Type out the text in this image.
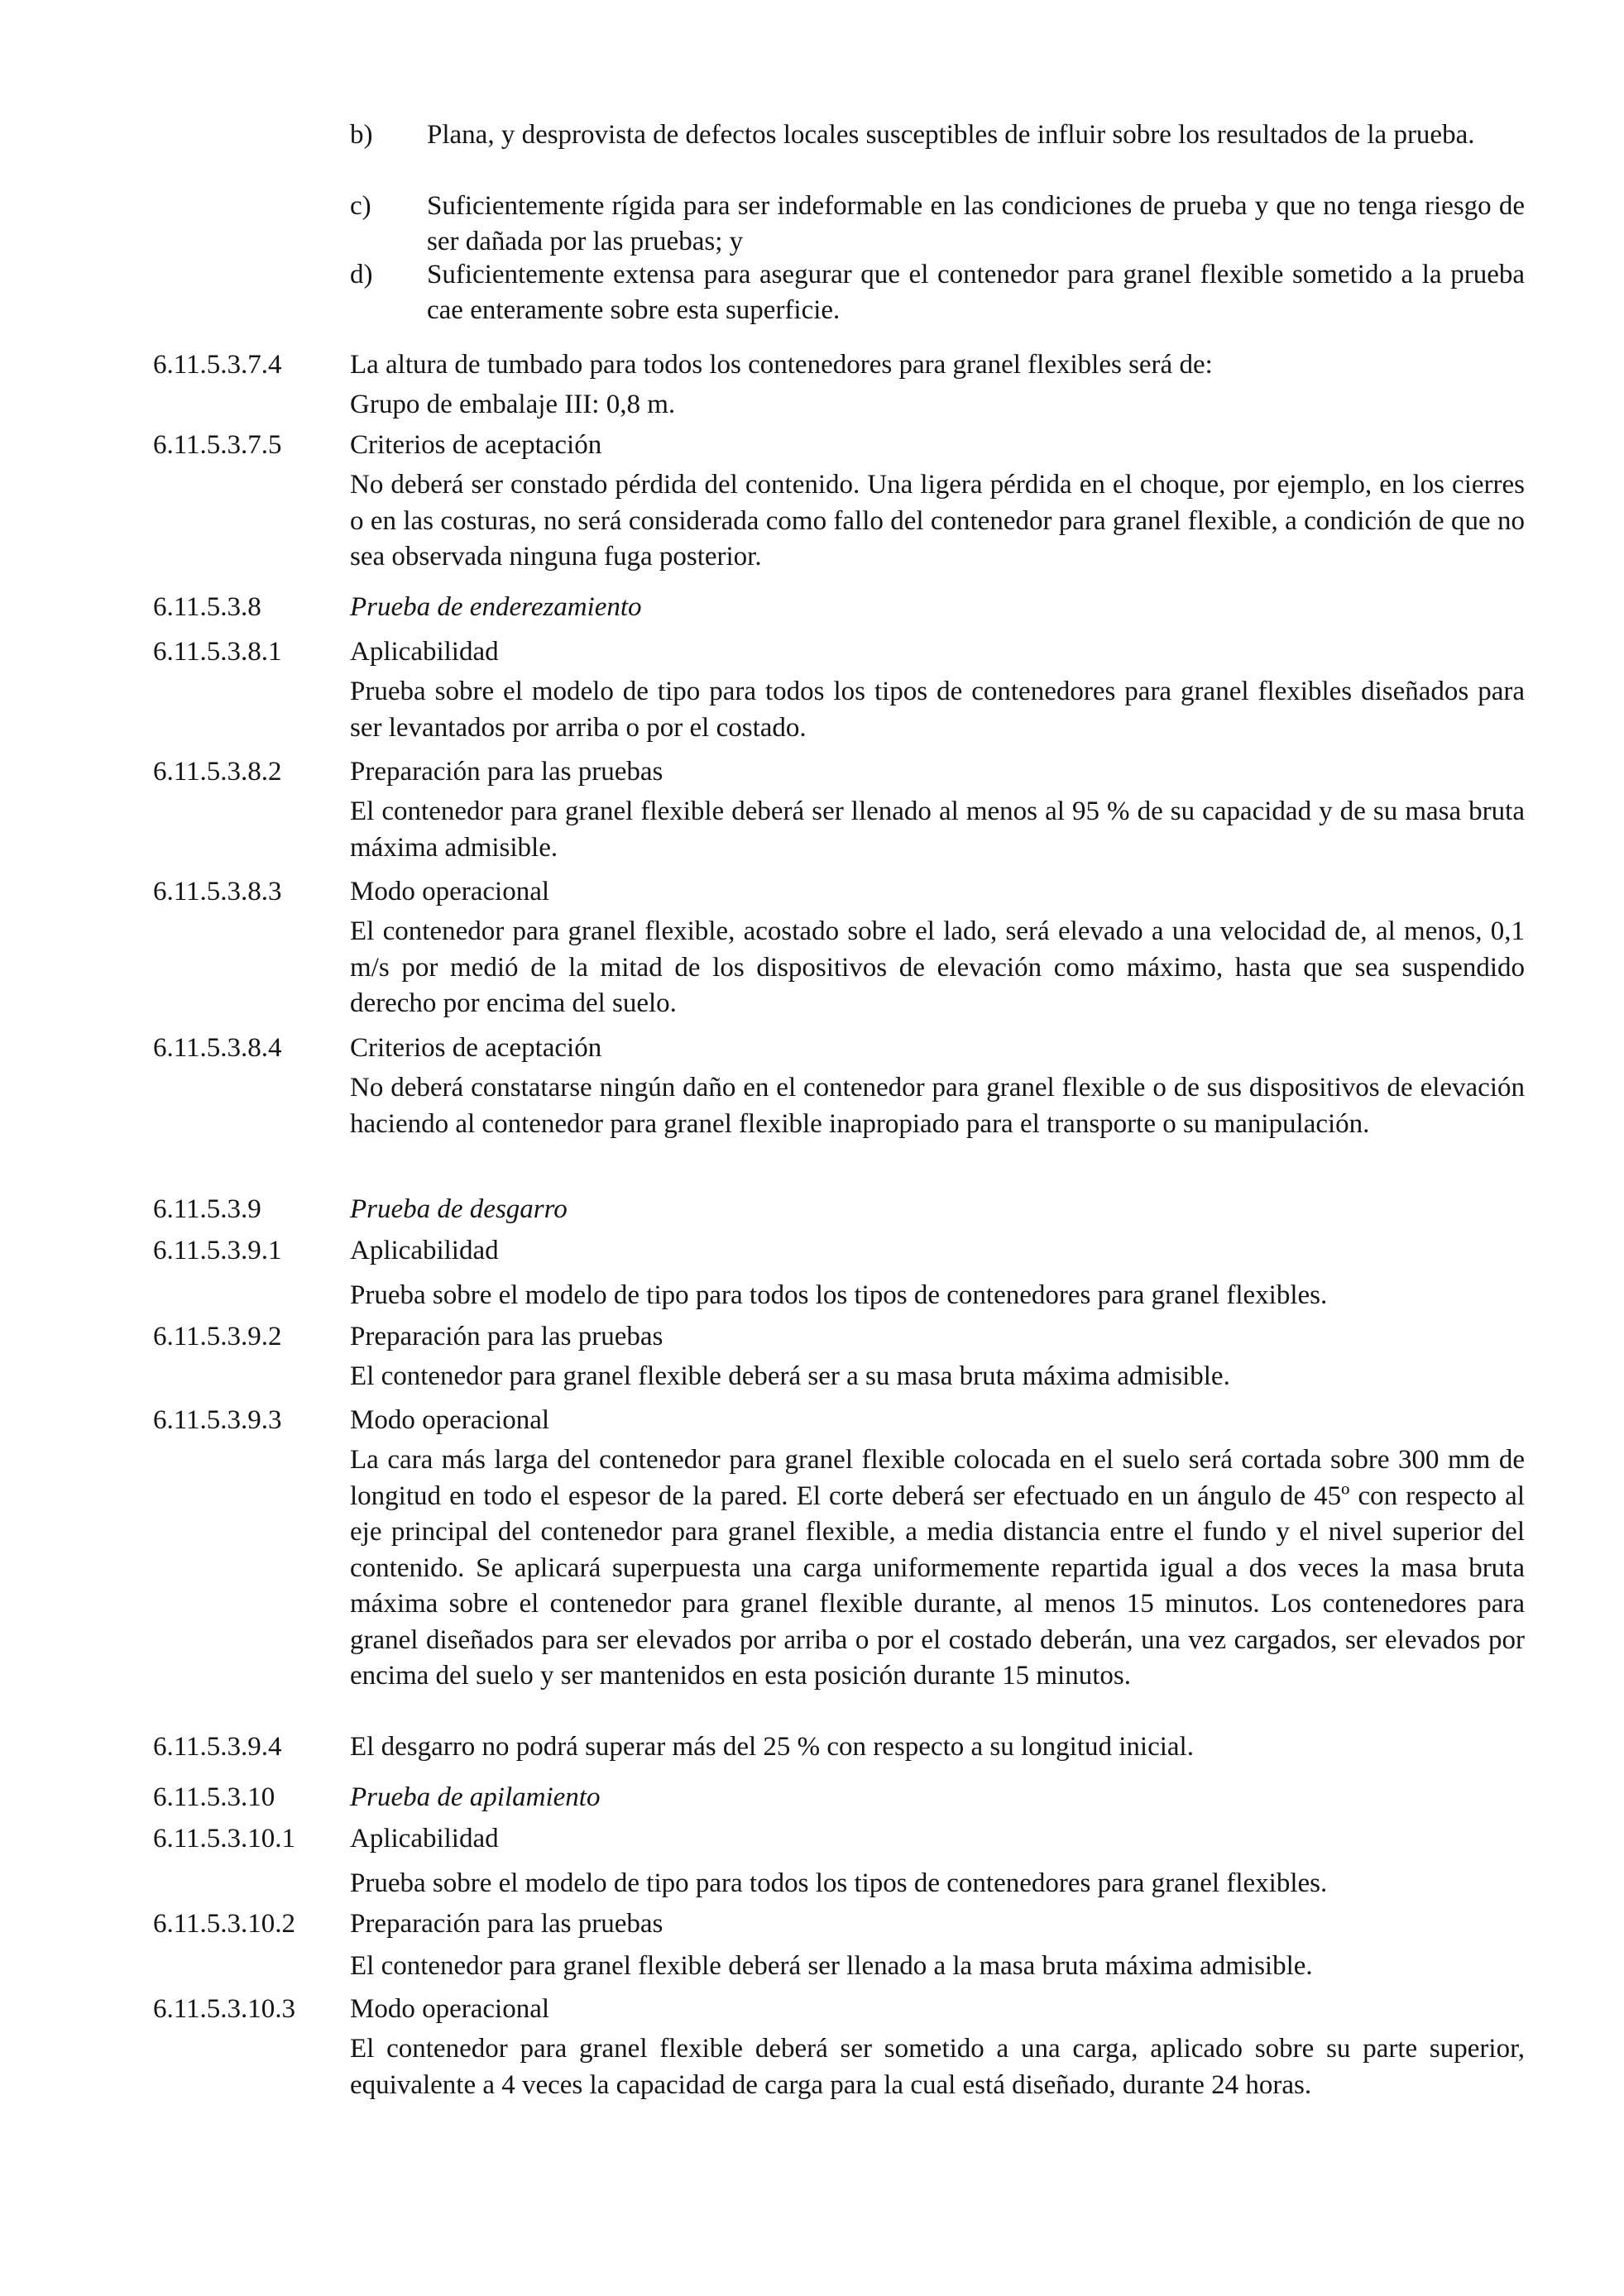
b) Plana, y desprovista de defectos locales susceptibles de influir sobre los resultados de la prueba.
c) Suficientemente rígida para ser indeformable en las condiciones de prueba y que no tenga riesgo de ser dañada por las pruebas; y
d) Suficientemente extensa para asegurar que el contenedor para granel flexible sometido a la prueba cae enteramente sobre esta superficie.
6.11.5.3.7.4 La altura de tumbado para todos los contenedores para granel flexibles será de:
Grupo de embalaje III: 0,8 m.
6.11.5.3.7.5 Criterios de aceptación
No deberá ser constado pérdida del contenido. Una ligera pérdida en el choque, por ejemplo, en los cierres o en las costuras, no será considerada como fallo del contenedor para granel flexible, a condición de que no sea observada ninguna fuga posterior.
6.11.5.3.8	Prueba de enderezamiento
6.11.5.3.8.1 Aplicabilidad
Prueba sobre el modelo de tipo para todos los tipos de contenedores para granel flexibles diseñados para ser levantados por arriba o por el costado.
6.11.5.3.8.2 Preparación para las pruebas
El contenedor para granel flexible deberá ser llenado al menos al 95 % de su capacidad y de su masa bruta máxima admisible.
6.11.5.3.8.3 Modo operacional
El contenedor para granel flexible, acostado sobre el lado, será elevado a una velocidad de, al menos, 0,1 m/s por medió de la mitad de los dispositivos de elevación como máximo, hasta que sea suspendido derecho por encima del suelo.
6.11.5.3.8.4 Criterios de aceptación
No deberá constatarse ningún daño en el contenedor para granel flexible o de sus dispositivos de elevación haciendo al contenedor para granel flexible inapropiado para el transporte o su manipulación.
6.11.5.3.9	Prueba de desgarro
6.11.5.3.9.1 Aplicabilidad
Prueba sobre el modelo de tipo para todos los tipos de contenedores para granel flexibles.
6.11.5.3.9.2 Preparación para las pruebas
El contenedor para granel flexible deberá ser a su masa bruta máxima admisible.
6.11.5.3.9.3 Modo operacional
La cara más larga del contenedor para granel flexible colocada en el suelo será cortada sobre 300 mm de longitud en todo el espesor de la pared. El corte deberá ser efectuado en un ángulo de 45º con respecto al eje principal del contenedor para granel flexible, a media distancia entre el fundo y el nivel superior del contenido. Se aplicará superpuesta una carga uniformemente repartida igual a dos veces la masa bruta máxima sobre el contenedor para granel flexible durante, al menos 15 minutos. Los contenedores para granel diseñados para ser elevados por arriba o por el costado deberán, una vez cargados, ser elevados por encima del suelo y ser mantenidos en esta posición durante 15 minutos.
6.11.5.3.9.4 El desgarro no podrá superar más del 25 % con respecto a su longitud inicial.
6.11.5.3.10	Prueba de apilamiento
6.11.5.3.10.1 Aplicabilidad
Prueba sobre el modelo de tipo para todos los tipos de contenedores para granel flexibles.
6.11.5.3.10.2 Preparación para las pruebas
El contenedor para granel flexible deberá ser llenado a la masa bruta máxima admisible.
6.11.5.3.10.3 Modo operacional
El contenedor para granel flexible deberá ser sometido a una carga, aplicado sobre su parte superior, equivalente a 4 veces la capacidad de carga para la cual está diseñado, durante 24 horas.
